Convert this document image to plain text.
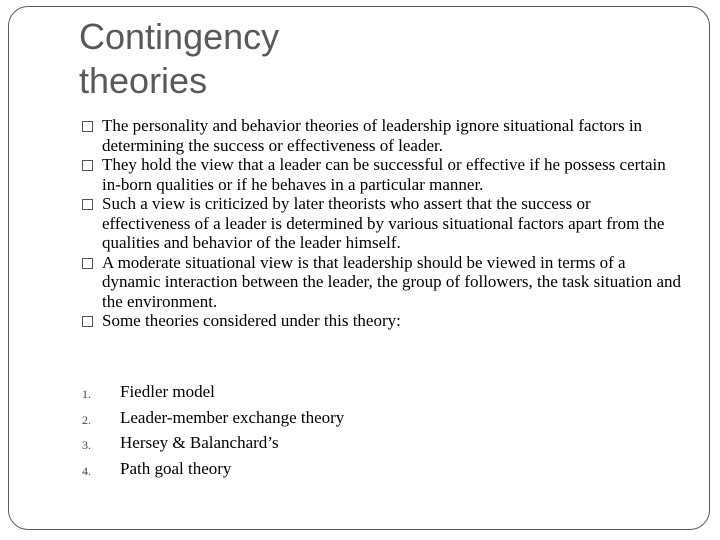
Contingency
theories
The personality and behavior theories of leadership ignore situational factors in determining the success or effectiveness of leader.
They hold the view that a leader can be successful or effective if he possess certain in-born qualities or if he behaves in a particular manner.
Such a view is criticized by later theorists who assert that the success or effectiveness of a leader is determined by various situational factors apart from the qualities and behavior of the leader himself.
A moderate situational view is that leadership should be viewed in terms of a dynamic interaction between the leader, the group of followers, the task situation and the environment.
Some theories considered under this theory:
1. Fiedler model
2. Leader-member exchange theory
3. Hersey & Balanchard’s
4. Path goal theory
